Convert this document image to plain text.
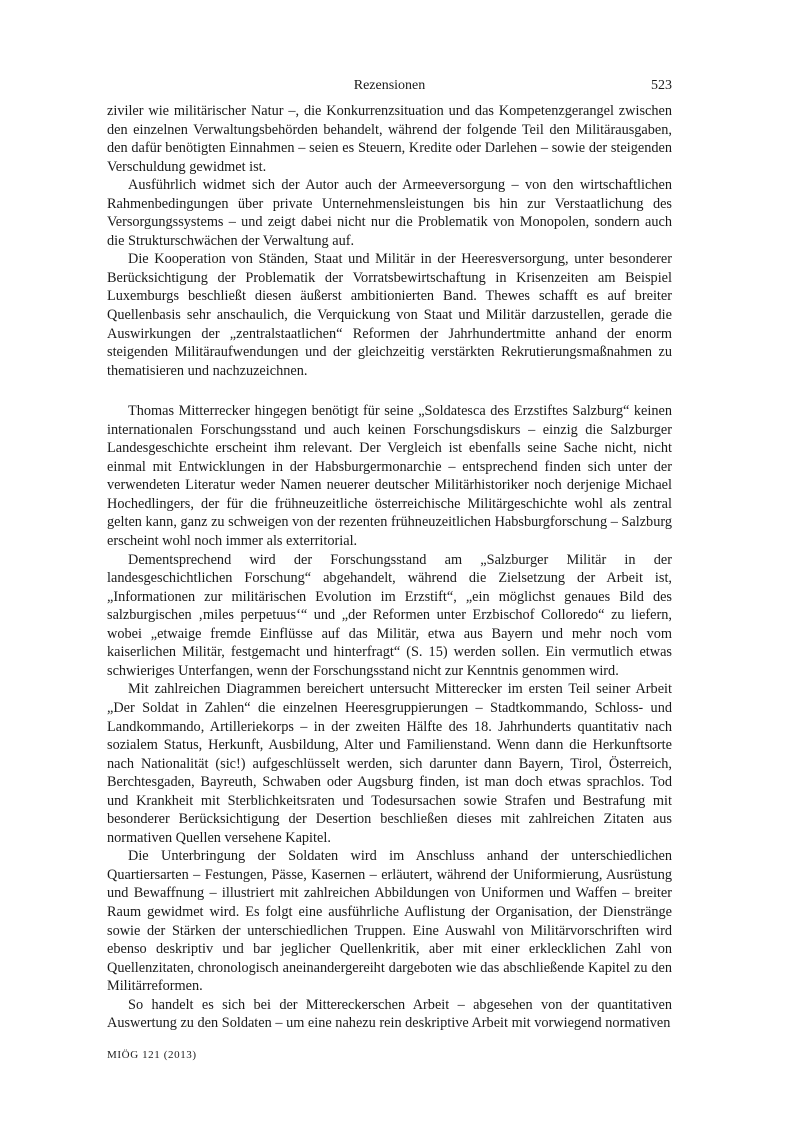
Rezensionen	523

ziviler wie militärischer Natur –, die Konkurrenzsituation und das Kompetenzgerangel zwischen den einzelnen Verwaltungsbehörden behandelt, während der folgende Teil den Militärausgaben, den dafür benötigten Einnahmen – seien es Steuern, Kredite oder Darlehen – sowie der steigenden Verschuldung gewidmet ist.

Ausführlich widmet sich der Autor auch der Armeeversorgung – von den wirtschaftlichen Rahmenbedingungen über private Unternehmensleistungen bis hin zur Verstaatlichung des Versorgungssystems – und zeigt dabei nicht nur die Problematik von Monopolen, sondern auch die Strukturschwächen der Verwaltung auf.

Die Kooperation von Ständen, Staat und Militär in der Heeresversorgung, unter besonderer Berücksichtigung der Problematik der Vorratsbewirtschaftung in Krisenzeiten am Beispiel Luxemburgs beschließt diesen äußerst ambitionierten Band. Thewes schafft es auf breiter Quellenbasis sehr anschaulich, die Verquickung von Staat und Militär darzustellen, gerade die Auswirkungen der „zentralstaatlichen“ Reformen der Jahrhundertmitte anhand der enorm steigenden Militäraufwendungen und der gleichzeitig verstärkten Rekrutierungsmaßnahmen zu thematisieren und nachzuzeichnen.

Thomas Mitterrecker hingegen benötigt für seine „Soldatesca des Erzstiftes Salzburg“ keinen internationalen Forschungsstand und auch keinen Forschungsdiskurs – einzig die Salzburger Landesgeschichte erscheint ihm relevant. Der Vergleich ist ebenfalls seine Sache nicht, nicht einmal mit Entwicklungen in der Habsburgermonarchie – entsprechend finden sich unter der verwendeten Literatur weder Namen neuerer deutscher Militärhistoriker noch derjenige Michael Hochedlingers, der für die frühneuzeitliche österreichische Militärgeschichte wohl als zentral gelten kann, ganz zu schweigen von der rezenten frühneuzeitlichen Habsburgforschung – Salzburg erscheint wohl noch immer als exterritorial.

Dementsprechend wird der Forschungsstand am „Salzburger Militär in der landesgeschichtlichen Forschung“ abgehandelt, während die Zielsetzung der Arbeit ist, „Informationen zur militärischen Evolution im Erzstift“, „ein möglichst genaues Bild des salzburgischen ‚miles perpetuus‘“ und „der Reformen unter Erzbischof Colloredo“ zu liefern, wobei „etwaige fremde Einflüsse auf das Militär, etwa aus Bayern und mehr noch vom kaiserlichen Militär, festgemacht und hinterfragt“ (S. 15) werden sollen. Ein vermutlich etwas schwieriges Unterfangen, wenn der Forschungsstand nicht zur Kenntnis genommen wird.

Mit zahlreichen Diagrammen bereichert untersucht Mitterecker im ersten Teil seiner Arbeit „Der Soldat in Zahlen“ die einzelnen Heeresgruppierungen – Stadtkommando, Schloss- und Landkommando, Artilleriekorps – in der zweiten Hälfte des 18. Jahrhunderts quantitativ nach sozialem Status, Herkunft, Ausbildung, Alter und Familienstand. Wenn dann die Herkunftsorte nach Nationalität (sic!) aufgeschlüsselt werden, sich darunter dann Bayern, Tirol, Österreich, Berchtesgaden, Bayreuth, Schwaben oder Augsburg finden, ist man doch etwas sprachlos. Tod und Krankheit mit Sterblichkeitsraten und Todesursachen sowie Strafen und Bestrafung mit besonderer Berücksichtigung der Desertion beschließen dieses mit zahlreichen Zitaten aus normativen Quellen versehene Kapitel.

Die Unterbringung der Soldaten wird im Anschluss anhand der unterschiedlichen Quartiersarten – Festungen, Pässe, Kasernen – erläutert, während der Uniformierung, Ausrüstung und Bewaffnung – illustriert mit zahlreichen Abbildungen von Uniformen und Waffen – breiter Raum gewidmet wird. Es folgt eine ausführliche Auflistung der Organisation, der Dienstränge sowie der Stärken der unterschiedlichen Truppen. Eine Auswahl von Militärvorschriften wird ebenso deskriptiv und bar jeglicher Quellenkritik, aber mit einer erklecklichen Zahl von Quellenzitaten, chronologisch aneinandergereiht dargeboten wie das abschließende Kapitel zu den Militärreformen.

So handelt es sich bei der Mittereckerschen Arbeit – abgesehen von der quantitativen Auswertung zu den Soldaten – um eine nahezu rein deskriptive Arbeit mit vorwiegend normativen

MIÖG 121 (2013)
